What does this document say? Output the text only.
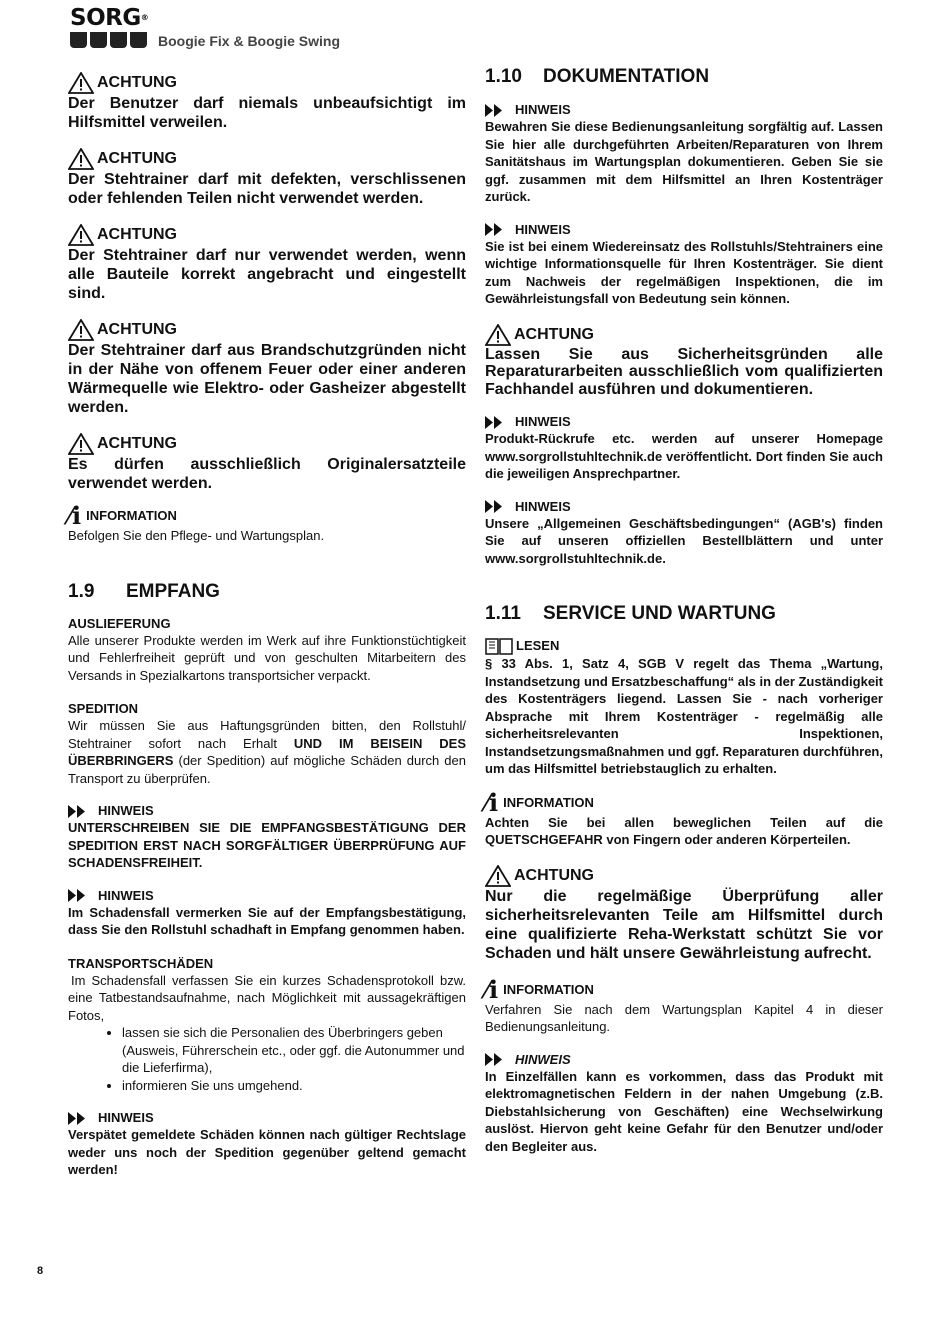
SORG®
Boogie Fix & Boogie Swing
ACHTUNG
Der Benutzer darf niemals unbeaufsichtigt im Hilfsmittel verweilen.
ACHTUNG
Der Stehtrainer darf mit defekten, verschlissenen oder fehlenden Teilen nicht verwendet werden.
ACHTUNG
Der Stehtrainer darf nur verwendet werden, wenn alle Bauteile korrekt angebracht und eingestellt sind.
ACHTUNG
Der Stehtrainer darf aus Brandschutzgründen nicht in der Nähe von offenem Feuer oder einer anderen Wärmequelle wie Elektro- oder Gasheizer abgestellt werden.
ACHTUNG
Es dürfen ausschließlich Originalersatzteile verwendet werden.
⁄i INFORMATION
Befolgen Sie den Pflege- und Wartungsplan.
1.9 EMPFANG
AUSLIEFERUNG
Alle unserer Produkte werden im Werk auf ihre Funktionstüchtigkeit und Fehlerfreiheit geprüft und von geschulten Mitarbeitern des Versands in Spezialkartons transportsicher verpackt.
SPEDITION
Wir müssen Sie aus Haftungsgründen bitten, den Rollstuhl/ Stehtrainer sofort nach Erhalt UND IM BEISEIN DES ÜBERBRINGERS (der Spedition) auf mögliche Schäden durch den Transport zu überprüfen.
HINWEIS
UNTERSCHREIBEN SIE DIE EMPFANGSBESTÄTIGUNG DER SPEDITION ERST NACH SORGFÄLTIGER ÜBERPRÜFUNG AUF SCHADENSFREIHEIT.
HINWEIS
Im Schadensfall vermerken Sie auf der Empfangsbestätigung, dass Sie den Rollstuhl schadhaft in Empfang genommen haben.
TRANSPORTSCHÄDEN
Im Schadensfall verfassen Sie ein kurzes Schadensprotokoll bzw. eine Tatbestandsaufnahme, nach Möglichkeit mit aussagekräftigen Fotos,
• lassen sie sich die Personalien des Überbringers geben (Ausweis, Führerschein etc., oder ggf. die Autonummer und die Lieferfirma),
• informieren Sie uns umgehend.
HINWEIS
Verspätet gemeldete Schäden können nach gültiger Rechtslage weder uns noch der Spedition gegenüber geltend gemacht werden!
1.10 DOKUMENTATION
HINWEIS
Bewahren Sie diese Bedienungsanleitung sorgfältig auf. Lassen Sie hier alle durchgeführten Arbeiten/Reparaturen von Ihrem Sanitätshaus im Wartungsplan dokumentieren. Geben Sie sie ggf. zusammen mit dem Hilfsmittel an Ihren Kostenträger zurück.
HINWEIS
Sie ist bei einem Wiedereinsatz des Rollstuhls/Stehtrainers eine wichtige Informationsquelle für Ihren Kostenträger. Sie dient zum Nachweis der regelmäßigen Inspektionen, die im Gewährleistungsfall von Bedeutung sein können.
ACHTUNG
Lassen Sie aus Sicherheitsgründen alle Reparaturarbeiten ausschließlich vom qualifizierten Fachhandel ausführen und dokumentieren.
HINWEIS
Produkt-Rückrufe etc. werden auf unserer Homepage www.sorgrollstuhltechnik.de veröffentlicht. Dort finden Sie auch die jeweiligen Ansprechpartner.
HINWEIS
Unsere „Allgemeinen Geschäftsbedingungen“ (AGB's) finden Sie auf unseren offiziellen Bestellblättern und unter www.sorgrollstuhltechnik.de.
1.11 SERVICE UND WARTUNG
LESEN
§ 33 Abs. 1, Satz 4, SGB V regelt das Thema „Wartung, Instandsetzung und Ersatzbeschaffung“ als in der Zuständigkeit des Kostenträgers liegend. Lassen Sie - nach vorheriger Absprache mit Ihrem Kostenträger - regelmäßig alle sicherheitsrelevanten Inspektionen, Instandsetzungsmaßnahmen und ggf. Reparaturen durchführen, um das Hilfsmittel betriebstauglich zu erhalten.
⁄i INFORMATION
Achten Sie bei allen beweglichen Teilen auf die QUETSCHGEFAHR von Fingern oder anderen Körperteilen.
ACHTUNG
Nur die regelmäßige Überprüfung aller sicherheitsrelevanten Teile am Hilfsmittel durch eine qualifizierte Reha-Werkstatt schützt Sie vor Schaden und hält unsere Gewährleistung aufrecht.
⁄i INFORMATION
Verfahren Sie nach dem Wartungsplan Kapitel 4 in dieser Bedienungsanleitung.
HINWEIS
In Einzelfällen kann es vorkommen, dass das Produkt mit elektromagnetischen Feldern in der nahen Umgebung (z.B. Diebstahlsicherung von Geschäften) eine Wechselwirkung auslöst. Hiervon geht keine Gefahr für den Benutzer und/oder den Begleiter aus.
8
